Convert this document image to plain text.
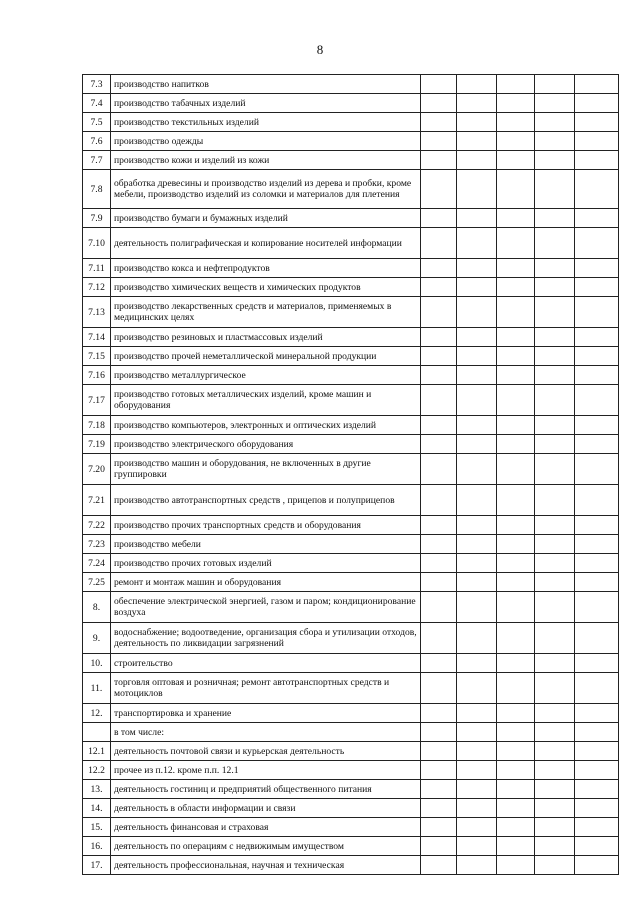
8
7.3	производство напитков					
7.4	производство табачных изделий					
7.5	производство текстильных изделий					
7.6	производство одежды					
7.7	производство кожи и изделий из кожи					
7.8	обработка древесины и производство изделий из дерева и пробки, кроме мебели, производство изделий из соломки и материалов для плетения					
7.9	производство бумаги и бумажных изделий					
7.10	деятельность полиграфическая и копирование носителей информации					
7.11	производство кокса и нефтепродуктов					
7.12	производство химических веществ и химических продуктов					
7.13	производство лекарственных средств и материалов, применяемых в медицинских целях					
7.14	производство резиновых и пластмассовых изделий					
7.15	производство прочей неметаллической минеральной продукции					
7.16	производство металлургическое					
7.17	производство готовых металлических изделий, кроме машин и оборудования					
7.18	производство компьютеров, электронных и оптических изделий					
7.19	производство электрического оборудования					
7.20	производство машин и оборудования, не включенных в другие группировки					
7.21	производство автотранспортных средств , прицепов и полуприцепов					
7.22	производство прочих транспортных средств и оборудования					
7.23	производство мебели					
7.24	производство прочих готовых изделий					
7.25	ремонт и монтаж машин и оборудования					
8.	обеспечение электрической энергией, газом и паром; кондиционирование воздуха					
9.	водоснабжение; водоотведение, организация сбора и утилизации отходов, деятельность по ликвидации загрязнений					
10.	строительство					
11.	торговля оптовая и розничная; ремонт автотранспортных средств и мотоциклов					
12.	транспортировка и хранение					
	в том числе:					
12.1	деятельность почтовой связи и курьерская деятельность					
12.2	прочее из п.12. кроме п.п. 12.1					
13.	деятельность гостиниц и предприятий общественного питания					
14.	деятельность в области информации и связи					
15.	деятельность финансовая и страховая					
16.	деятельность по операциям с недвижимым имуществом					
17.	деятельность профессиональная, научная и техническая					
